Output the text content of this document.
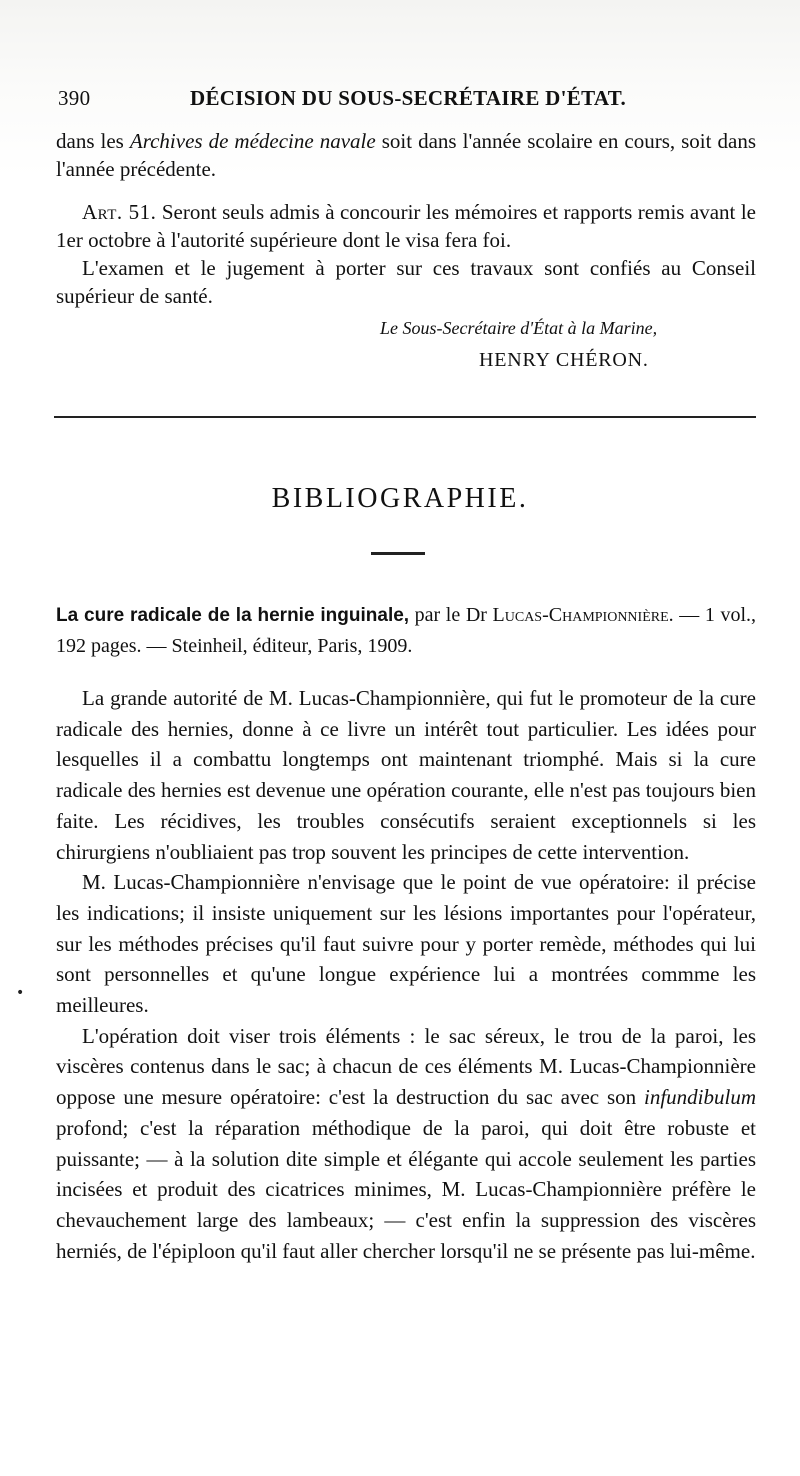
390	DÉCISION DU SOUS-SECRÉTAIRE D'ÉTAT.

dans les Archives de médecine navale soit dans l'année scolaire en cours, soit dans l'année précédente.

Art. 51. Seront seuls admis à concourir les mémoires et rapports remis avant le 1er octobre à l'autorité supérieure dont le visa fera foi.

L'examen et le jugement à porter sur ces travaux sont confiés au Conseil supérieur de santé.

Le Sous-Secrétaire d'État à la Marine,
HENRY CHÉRON.
BIBLIOGRAPHIE.

La cure radicale de la hernie inguinale, par le Dr Lucas-Championnière. — 1 vol., 192 pages. — Steinheil, éditeur, Paris, 1909.

La grande autorité de M. Lucas-Championnière, qui fut le promoteur de la cure radicale des hernies, donne à ce livre un intérêt tout particulier. Les idées pour lesquelles il a combattu longtemps ont maintenant triomphé. Mais si la cure radicale des hernies est devenue une opération courante, elle n'est pas toujours bien faite. Les récidives, les troubles consécutifs seraient exceptionnels si les chirurgiens n'oubliaient pas trop souvent les principes de cette intervention.

M. Lucas-Championnière n'envisage que le point de vue opératoire: il précise les indications; il insiste uniquement sur les lésions importantes pour l'opérateur, sur les méthodes précises qu'il faut suivre pour y porter remède, méthodes qui lui sont personnelles et qu'une longue expérience lui a montrées commme les meilleures.

L'opération doit viser trois éléments : le sac séreux, le trou de la paroi, les viscères contenus dans le sac; à chacun de ces éléments M. Lucas-Championnière oppose une mesure opératoire: c'est la destruction du sac avec son infundibulum profond; c'est la réparation méthodique de la paroi, qui doit être robuste et puissante; — à la solution dite simple et élégante qui accole seulement les parties incisées et produit des cicatrices minimes, M. Lucas-Championnière préfère le chevauchement large des lambeaux; — c'est enfin la suppression des viscères herniés, de l'épiploon qu'il faut aller chercher lorsqu'il ne se présente pas lui-même.

•
